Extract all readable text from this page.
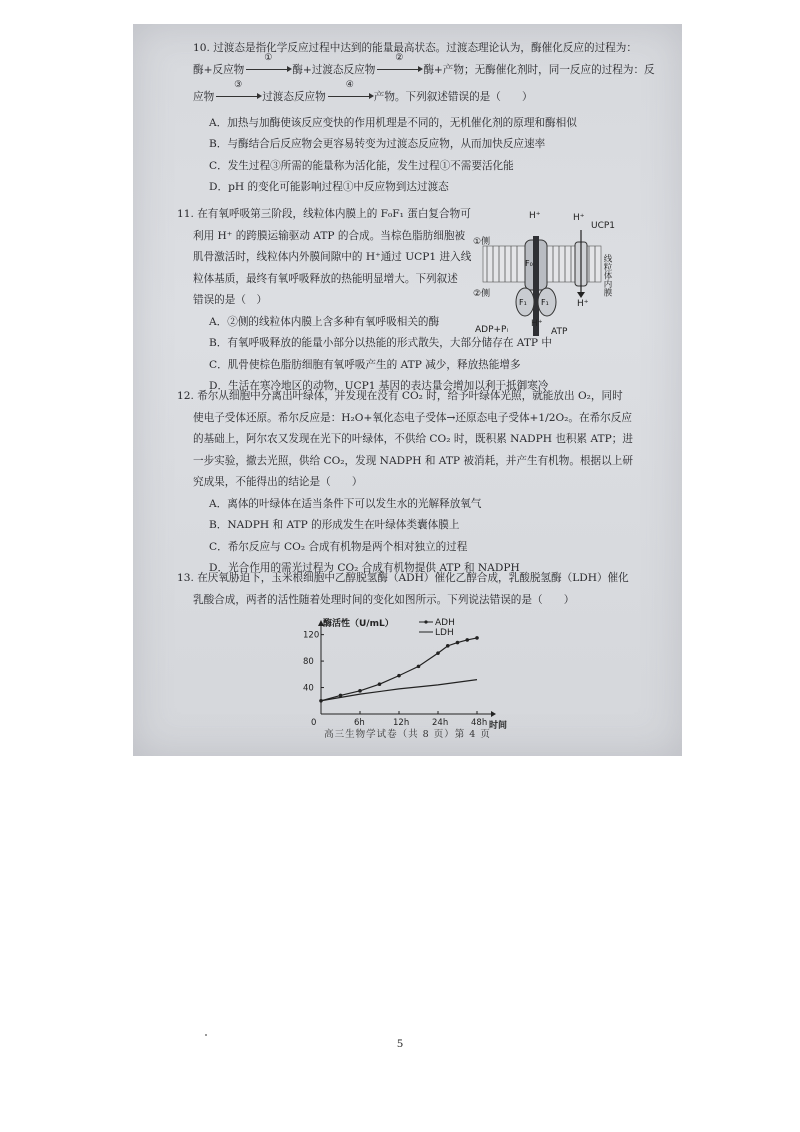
10. 过渡态是指化学反应过程中达到的能量最高状态。过渡态理论认为，酶催化反应的过程为：
酶+反应物
①
酶+过渡态反应物
②
酶+产物；无酶催化剂时，同一反应的过程为：反
应物
③
过渡态反应物
④
产物。下列叙述错误的是（　　）
A．加热与加酶使该反应变快的作用机理是不同的，无机催化剂的原理和酶相似
B．与酶结合后反应物会更容易转变为过渡态反应物，从而加快反应速率
C．发生过程③所需的能量称为活化能，发生过程①不需要活化能
D．pH 的变化可能影响过程①中反应物到达过渡态
11. 在有氧呼吸第三阶段，线粒体内膜上的 F₀F₁ 蛋白复合物可
利用 H⁺ 的跨膜运输驱动 ATP 的合成。当棕色脂肪细胞被
肌骨激活时，线粒体内外膜间隙中的 H⁺通过 UCP1 进入线
粒体基质，最终有氧呼吸释放的热能明显增大。下列叙述
错误的是（　）
A．②侧的线粒体内膜上含多种有氧呼吸相关的酶
B．有氧呼吸释放的能量小部分以热能的形式散失，大部分储存在 ATP 中
C．肌骨使棕色脂肪细胞有氧呼吸产生的 ATP 减少，释放热能增多
D．生活在寒冷地区的动物，UCP1 基因的表达量会增加以利于抵御寒冷
①侧
②侧
H⁺	H⁺
UCP1
线粒体内膜
F₀
F₁ F₁	H⁺
H⁺
ADP+Pᵢ	ATP
12. 希尔从细胞中分离出叶绿体，并发现在没有 CO₂ 时，给予叶绿体光照，就能放出 O₂，同时
使电子受体还原。希尔反应是：H₂O+氧化态电子受体→还原态电子受体+1/2O₂。在希尔反应
的基础上，阿尔农又发现在光下的叶绿体，不供给 CO₂ 时，既积累 NADPH 也积累 ATP；进
一步实验，撤去光照，供给 CO₂，发现 NADPH 和 ATP 被消耗，并产生有机物。根据以上研
究成果，不能得出的结论是（　　）
A．离体的叶绿体在适当条件下可以发生水的光解释放氧气
B．NADPH 和 ATP 的形成发生在叶绿体类囊体膜上
C．希尔反应与 CO₂ 合成有机物是两个相对独立的过程
D．光合作用的需光过程为 CO₂ 合成有机物提供 ATP 和 NADPH
13. 在厌氧胁迫下，玉米根细胞中乙醇脱氢酶（ADH）催化乙醇合成，乳酸脱氢酶（LDH）催化
乳酸合成，两者的活性随着处理时间的变化如图所示。下列说法错误的是（　　）
0	6h	12h	24h	48h
40
80
120
酶活性（U/mL）
时间
ADH
LDH
高三生物学试卷（共 8 页）第 4 页
5
